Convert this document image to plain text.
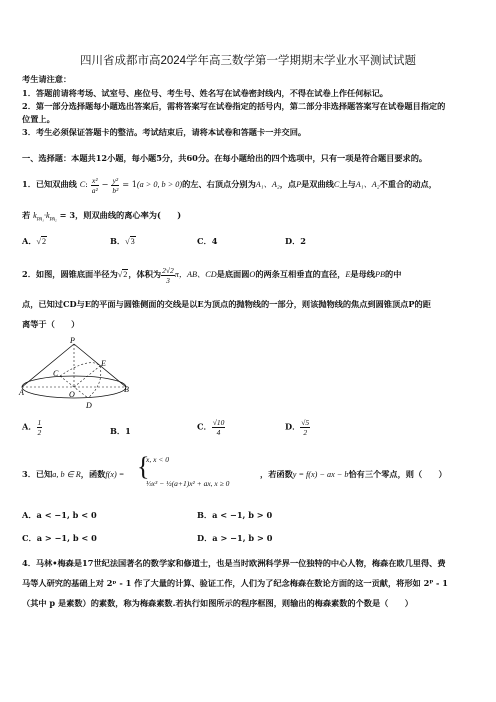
四川省成都市高2024学年高三数学第一学期期末学业水平测试试题
考生请注意：
1．答题前请将考场、试室号、座位号、考生号、姓名写在试卷密封线内，不得在试卷上作任何标记。
2．第一部分选择题每小题选出答案后，需将答案写在试卷指定的括号内，第二部分非选择题答案写在试卷题目指定的
位置上。
3．考生必须保证答题卡的整洁。考试结束后，请将本试卷和答题卡一并交回。
一、选择题：本题共12小题，每小题5分，共60分。在每小题给出的四个选项中，只有一项是符合题目要求的。
1．已知双曲线 C: $\frac{\text{x²}}{\text{a²}} - \frac{\text{y²}}{\text{b²}} = 1(a > 0$, b > 0)的左、右顶点分别为A₁、A₂，点P是双曲线C上与A₁、A₂不重合的动点，
若 $k_{PA_1}\cdot k_{PA_2} = 3$，则双曲线的离心率为(　　)
A．√2	B．√3	C．4	D．2
2．如图，圆锥底面半径为√2，体积为 $\frac{2√2}{3}$ π，AB、CD是底面圆O的两条互相垂直的直径，E是母线PB的中
点，已知过CD与E的平面与圆锥侧面的交线是以E为顶点的抛物线的一部分，则该抛物线的焦点到圆锥顶点P的距
离等于（　　）
P
E
C
A	O
B
D
A． $\frac{1}{2}$	B．1	C． $\frac{√10}{4}$	D． $\frac{√5}{2}$
3．已知a, b ∈ R，函数f(x) = {
x, x < 0
⅓x³ − ½(a+1)x² + ax, x ≥ 0
，若函数y = f(x) − ax − b恰有三个零点，则（　　）
A．a < −1, b < 0	B．a < −1, b > 0
C．a > −1, b < 0	D．a > −1, b > 0
4．马林•梅森是17世纪法国著名的数学家和修道士，也是当时欧洲科学界一位独特的中心人物，梅森在欧几里得、费
马等人研究的基础上对 2ᵖ - 1 作了大量的计算、验证工作，人们为了纪念梅森在数论方面的这一贡献，将形如 2ᴾ - 1
（其中 p 是素数）的素数，称为梅森素数.若执行如图所示的程序框图，则输出的梅森素数的个数是（　　）
